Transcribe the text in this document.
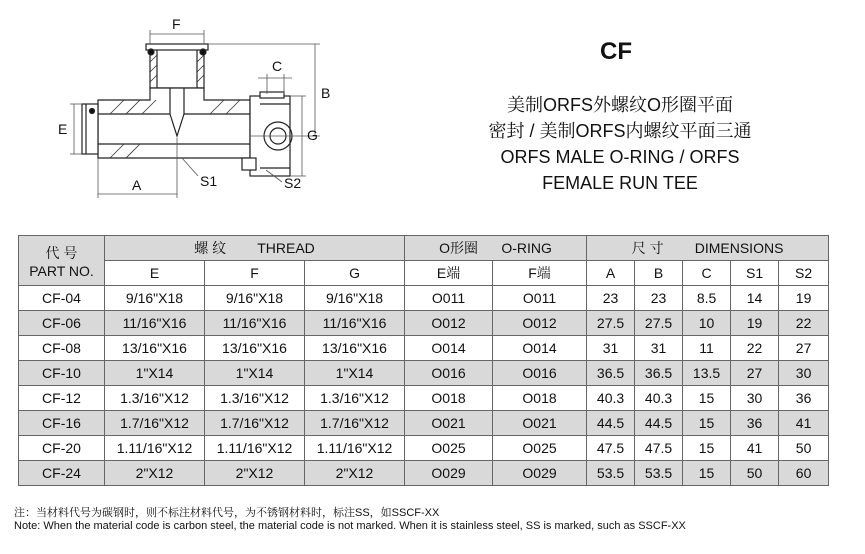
F
C
B
G
E
A	S1	S2
CF
美制ORFS外螺纹O形圈平面
密封 / 美制ORFS内螺纹平面三通
ORFS MALE O-RING / ORFS
FEMALE RUN TEE
代 号
PART NO.	螺 纹 THREAD			O形圈 O-RING		尺 寸 DIMENSIONS				
	E	F	G	E端	F端	A	B	C	S1	S2
CF-04	9/16"X18	9/16"X18	9/16"X18	O011	O011	23	23	8.5	14	19
CF-06	11/16"X16	11/16"X16	11/16"X16	O012	O012	27.5	27.5	10	19	22
CF-08	13/16"X16	13/16"X16	13/16"X16	O014	O014	31	31	11	22	27
CF-10	1"X14	1"X14	1"X14	O016	O016	36.5	36.5	13.5	27	30
CF-12	1.3/16"X12	1.3/16"X12	1.3/16"X12	O018	O018	40.3	40.3	15	30	36
CF-16	1.7/16"X12	1.7/16"X12	1.7/16"X12	O021	O021	44.5	44.5	15	36	41
CF-20	1.11/16"X12	1.11/16"X12	1.11/16"X12	O025	O025	47.5	47.5	15	41	50
CF-24	2"X12	2"X12	2"X12	O029	O029	53.5	53.5	15	50	60
注：当材料代号为碳钢时，则不标注材料代号，为不锈钢材料时，标注SS，如SSCF-XX
Note: When the material code is carbon steel, the material code is not marked. When it is stainless steel, SS is marked, such as SSCF-XX
